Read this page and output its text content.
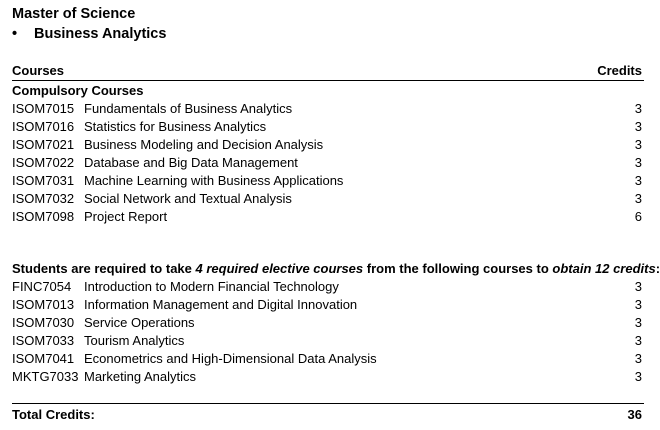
Master of Science
• Business Analytics
Courses	Credits
Compulsory Courses
ISOM7015 Fundamentals of Business Analytics	3
ISOM7016 Statistics for Business Analytics	3
ISOM7021 Business Modeling and Decision Analysis	3
ISOM7022 Database and Big Data Management	3
ISOM7031 Machine Learning with Business Applications	3
ISOM7032 Social Network and Textual Analysis	3
ISOM7098 Project Report	6
Students are required to take 4 required elective courses from the following courses to obtain 12 credits:
FINC7054 Introduction to Modern Financial Technology	3
ISOM7013 Information Management and Digital Innovation	3
ISOM7030 Service Operations	3
ISOM7033 Tourism Analytics	3
ISOM7041 Econometrics and High-Dimensional Data Analysis	3
MKTG7033 Marketing Analytics	3
Total Credits:	36
